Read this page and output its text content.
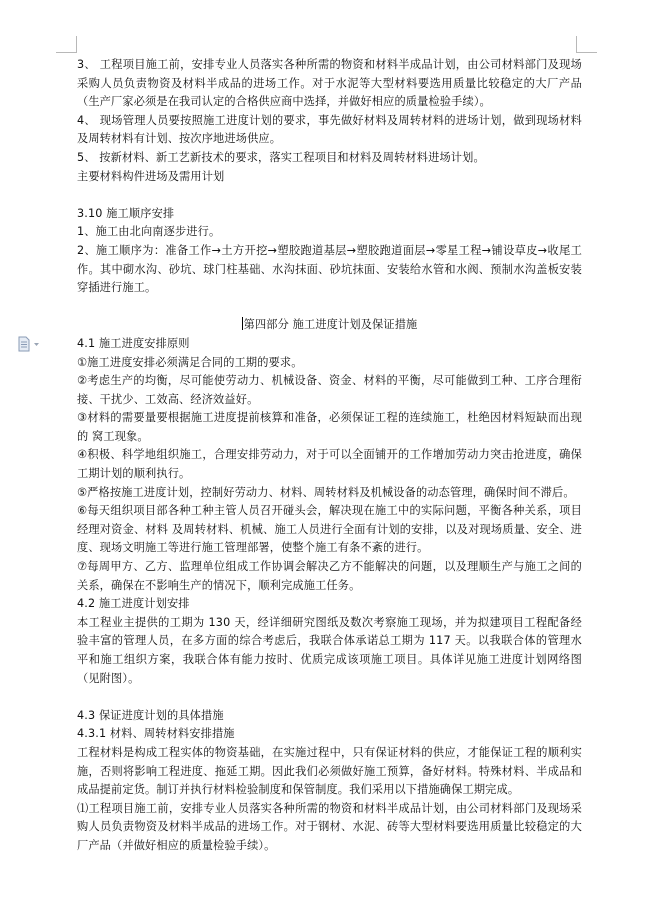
3、 工程项目施工前，安排专业人员落实各种所需的物资和材料半成品计划，由公司材料部门及现场采购人员负责物资及材料半成品的进场工作。对于水泥等大型材料要选用质量比较稳定的大厂产品（生产厂家必须是在我司认定的合格供应商中选择，并做好相应的质量检验手续）。

4、 现场管理人员要按照施工进度计划的要求，事先做好材料及周转材料的进场计划，做到现场材料及周转材料有计划、按次序地进场供应。

5、 按新材料、新工艺新技术的要求，落实工程项目和材料及周转材料进场计划。

主要材料构件进场及需用计划

3.10 施工顺序安排

1、施工由北向南逐步进行。

2、施工顺序为：准备工作→土方开挖→塑胶跑道基层→塑胶跑道面层→零星工程→铺设草皮→收尾工作。其中砌水沟、砂坑、球门柱基础、水沟抹面、砂坑抹面、安装给水管和水阀、预制水沟盖板安装穿插进行施工。

第四部分 施工进度计划及保证措施

4.1 施工进度安排原则

①施工进度安排必须满足合同的工期的要求。

②考虑生产的均衡，尽可能使劳动力、机械设备、资金、材料的平衡，尽可能做到工种、工序合理衔接、干扰少、工效高、经济效益好。

③材料的需要量要根据施工进度提前核算和准备，必须保证工程的连续施工，杜绝因材料短缺而出现的 窝工现象。

④积极、科学地组织施工，合理安排劳动力，对于可以全面铺开的工作增加劳动力突击抢进度，确保工期计划的顺利执行。

⑤严格按施工进度计划，控制好劳动力、材料、周转材料及机械设备的动态管理，确保时间不滞后。

⑥每天组织项目部各种工种主管人员召开碰头会，解决现在施工中的实际问题，平衡各种关系，项目经理对资金、材料 及周转材料、机械、施工人员进行全面有计划的安排，以及对现场质量、安全、进度、现场文明施工等进行施工管理部署，使整个施工有条不紊的进行。

⑦每周甲方、乙方、监理单位组成工作协调会解决乙方不能解决的问题，以及理顺生产与施工之间的关系，确保在不影响生产的情况下，顺利完成施工任务。

4.2 施工进度计划安排

本工程业主提供的工期为 130 天，经详细研究图纸及数次考察施工现场，并为拟建项目工程配备经验丰富的管理人员，在多方面的综合考虑后，我联合体承诺总工期为 117 天。以我联合体的管理水平和施工组织方案，我联合体有能力按时、优质完成该项施工项目。具体详见施工进度计划网络图（见附图）。

4.3 保证进度计划的具体措施

4.3.1 材料、周转材料安排措施

工程材料是构成工程实体的物资基础，在实施过程中，只有保证材料的供应，才能保证工程的顺利实施，否则将影响工程进度、拖延工期。因此我们必须做好施工预算，备好材料。特殊材料、半成品和成品提前定货。制订并执行材料检验制度和保管制度。我们采用以下措施确保工期完成。

⑴工程项目施工前，安排专业人员落实各种所需的物资和材料半成品计划，由公司材料部门及现场采购人员负责物资及材料半成品的进场工作。对于钢材、水泥、砖等大型材料要选用质量比较稳定的大厂产品（并做好相应的质量检验手续）。
